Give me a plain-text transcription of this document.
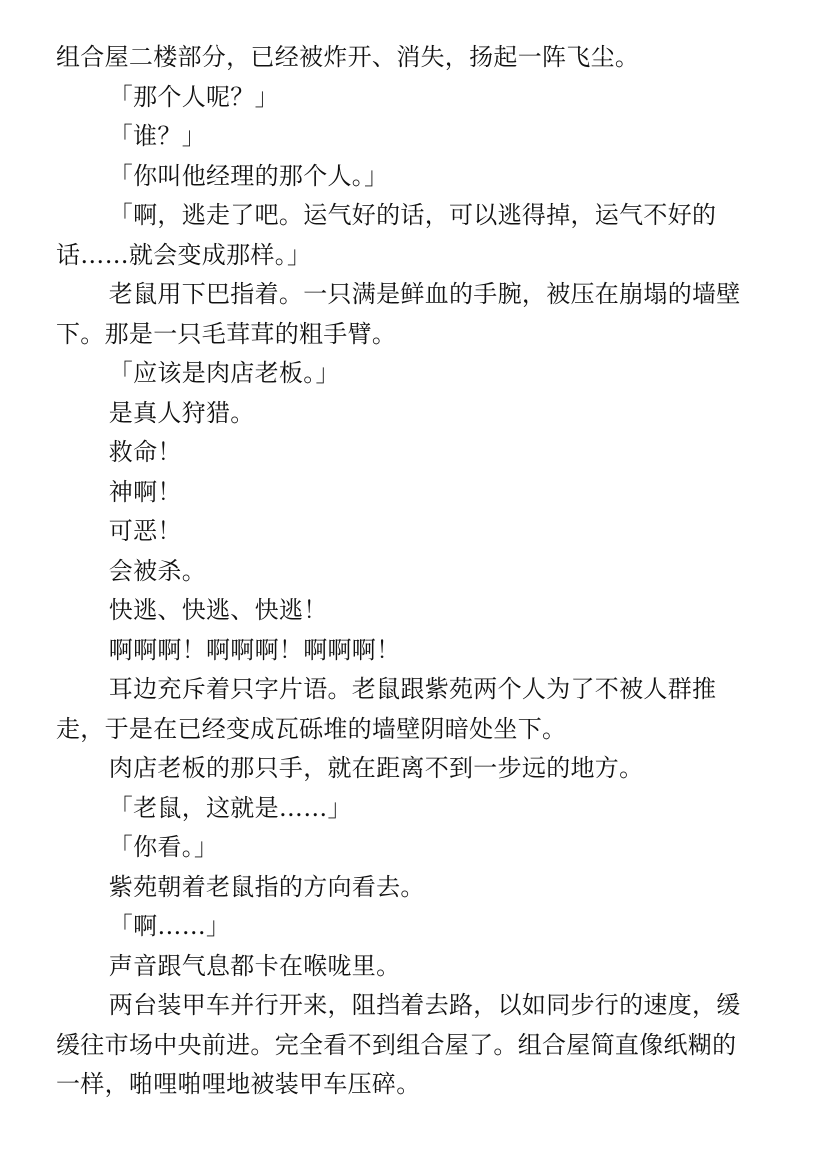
组合屋二楼部分，已经被炸开、消失，扬起一阵飞尘。

「那个人呢？」

「谁？」

「你叫他经理的那个人。」

「啊，逃走了吧。运气好的话，可以逃得掉，运气不好的话……就会变成那样。」

老鼠用下巴指着。一只满是鲜血的手腕，被压在崩塌的墙壁下。那是一只毛茸茸的粗手臂。

「应该是肉店老板。」

是真人狩猎。

救命！

神啊！

可恶！

会被杀。

快逃、快逃、快逃！

啊啊啊！啊啊啊！啊啊啊！

耳边充斥着只字片语。老鼠跟紫苑两个人为了不被人群推走，于是在已经变成瓦砾堆的墙壁阴暗处坐下。

肉店老板的那只手，就在距离不到一步远的地方。

「老鼠，这就是……」

「你看。」

紫苑朝着老鼠指的方向看去。

「啊……」

声音跟气息都卡在喉咙里。

两台装甲车并行开来，阻挡着去路，以如同步行的速度，缓缓往市场中央前进。完全看不到组合屋了。组合屋简直像纸糊的一样，啪哩啪哩地被装甲车压碎。
